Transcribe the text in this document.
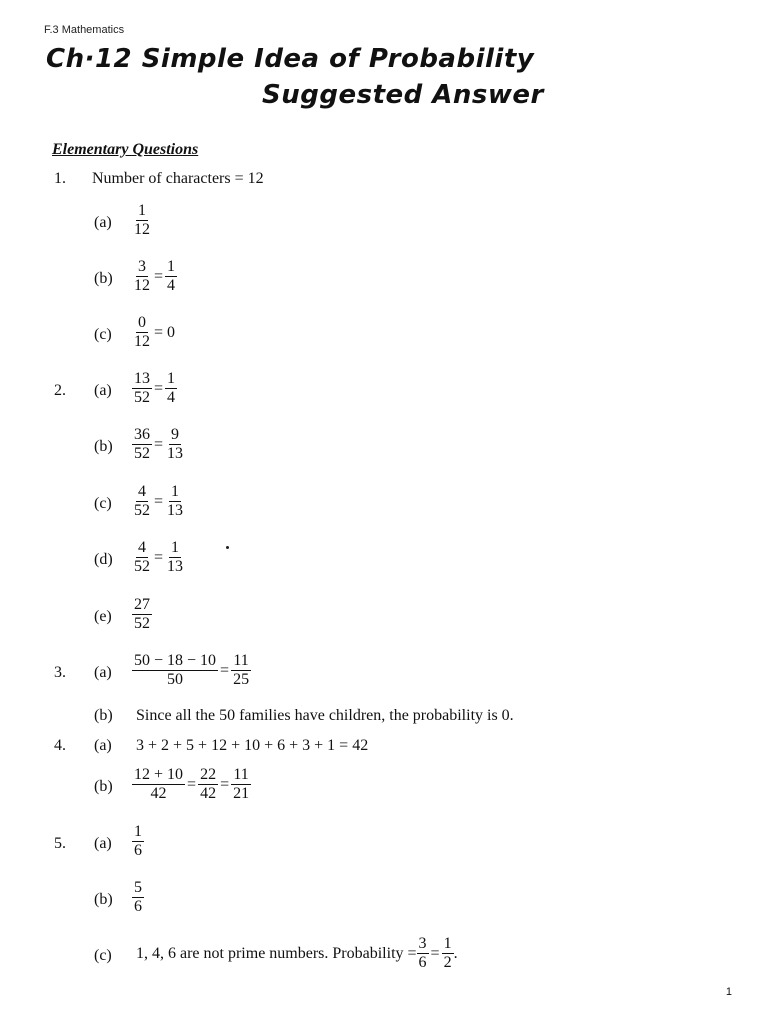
F.3 Mathematics
Ch·12 Simple Idea of Probability
Suggested Answer
Elementary Questions
1. Number of characters = 12
$(a) \frac{1}{12}$
$(b) \frac{3}{12} = \frac{1}{4}$
$(c) \frac{0}{12} = 0$
2. $(a) \frac{13}{52} = \frac{1}{4}$
$(b) \frac{36}{52} = \frac{9}{13}$
$(c) \frac{4}{52} = \frac{1}{13}$
$(d) \frac{4}{52} = \frac{1}{13}$
$(e) \frac{27}{52}$
3. $(a) \frac{50 - 18 - 10}{50} = \frac{11}{25}$
(b) Since all the 50 families have children, the probability is 0.
4. (a) 3 + 2 + 5 + 12 + 10 + 6 + 3 + 1 = 42
$(b) \frac{12 + 10}{42} = \frac{22}{42} = \frac{11}{21}$
5. $(a) \frac{1}{6}$
$(b) \frac{5}{6}$
(c) 1, 4, 6 are not prime numbers. Probability = $\frac{3}{6} = \frac{1}{2}$ .
1
